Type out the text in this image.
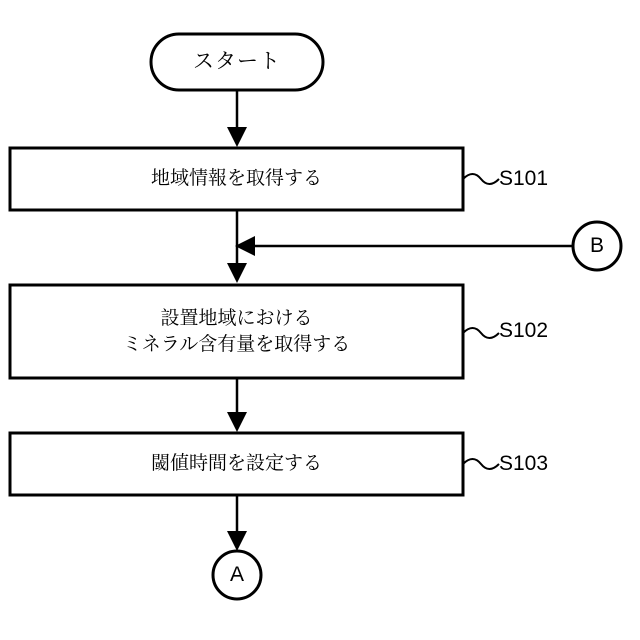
スタート
地域情報を取得する	S101
設置地域における
ミネラル含有量を取得する
S102
閾値時間を設定する	S103
B
A
